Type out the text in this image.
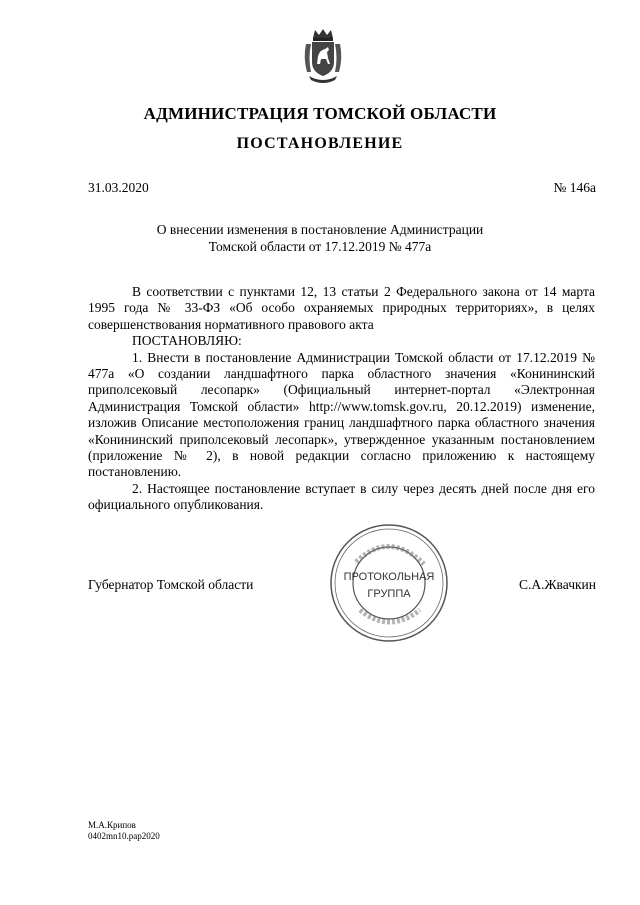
АДМИНИСТРАЦИЯ ТОМСКОЙ ОБЛАСТИ
ПОСТАНОВЛЕНИЕ
31.03.2020	№ 146а
О внесении изменения в постановление Администрации
Томской области от 17.12.2019 № 477а

В соответствии с пунктами 12, 13 статьи 2 Федерального закона от 14 марта 1995 года № 33-ФЗ «Об особо охраняемых природных территориях», в целях совершенствования нормативного правового акта

ПОСТАНОВЛЯЮ:

1. Внести в постановление Администрации Томской области от 17.12.2019 № 477а «О создании ландшафтного парка областного значения «Конининский приполсековый лесопарк» (Официальный интернет-портал «Электронная Администрация Томской области» http://www.tomsk.gov.ru, 20.12.2019) изменение, изложив Описание местоположения границ ландшафтного парка областного значения «Конининский приполсековый лесопарк», утвержденное указанным постановлением (приложение № 2), в новой редакции согласно приложению к настоящему постановлению.

2. Настоящее постановление вступает в силу через десять дней после дня его официального опубликования.

Губернатор Томской области	ПРОТОКОЛЬНАЯ
ГРУППА
С.А.Жвачкин
М.А.Крипов
0402mn10.pap2020
